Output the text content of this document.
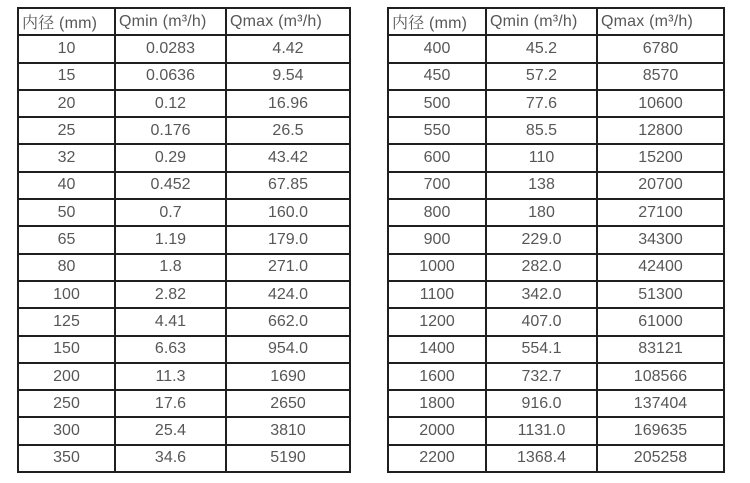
内径 (mm)	Qmin (m³/h)	Qmax (m³/h)
10	0.0283	4.42
15	0.0636	9.54
20	0.12	16.96
25	0.176	26.5
32	0.29	43.42
40	0.452	67.85
50	0.7	160.0
65	1.19	179.0
80	1.8	271.0
100	2.82	424.0
125	4.41	662.0
150	6.63	954.0
200	11.3	1690
250	17.6	2650
300	25.4	3810
350	34.6	5190
内径 (mm)	Qmin (m³/h)	Qmax (m³/h)
400	45.2	6780
450	57.2	8570
500	77.6	10600
550	85.5	12800
600	110	15200
700	138	20700
800	180	27100
900	229.0	34300
1000	282.0	42400
1100	342.0	51300
1200	407.0	61000
1400	554.1	83121
1600	732.7	108566
1800	916.0	137404
2000	1131.0	169635
2200	1368.4	205258
